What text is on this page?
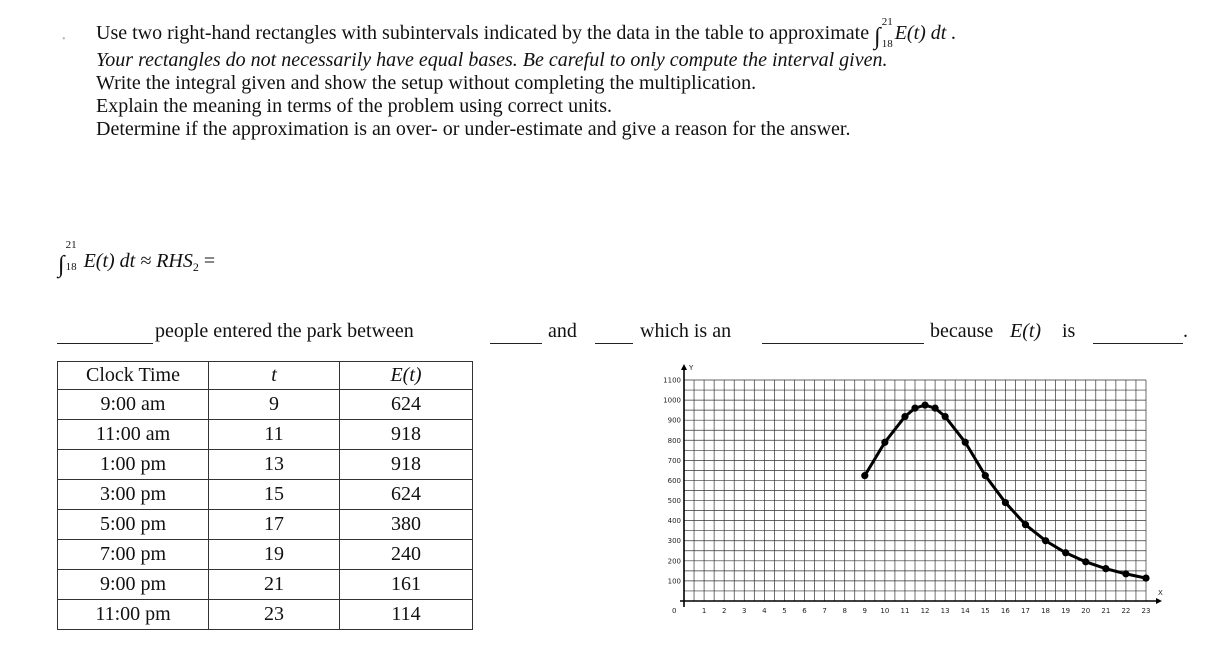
• Use two right-hand rectangles with subintervals indicated by the data in the table to approximate ∫
21
18 E(t) dt .
Your rectangles do not necessarily have equal bases. Be careful to only compute the interval given.
Write the integral given and show the setup without completing the multiplication.
Explain the meaning in terms of the problem using correct units.
Determine if the approximation is an over- or under-estimate and give a reason for the answer.
∫
21
18 E(t) dt ≈ $RHS_2$ =
people entered the park between	and	which is an	because E(t) is	.
Clock Time	t	E(t)
9:00 am	9	624
11:00 am	11	918
1:00 pm	13	918
3:00 pm	15	624
5:00 pm	17	380
7:00 pm	19	240
9:00 pm	21	161
11:00 pm	23	114
Y
X
0	1 2 3 4 5 6 7 8 9 10 11 12 13 14 15 16 17 18 19 20 21 22 23
100
200
300
400
500
600
700
800
900
1000
1100
